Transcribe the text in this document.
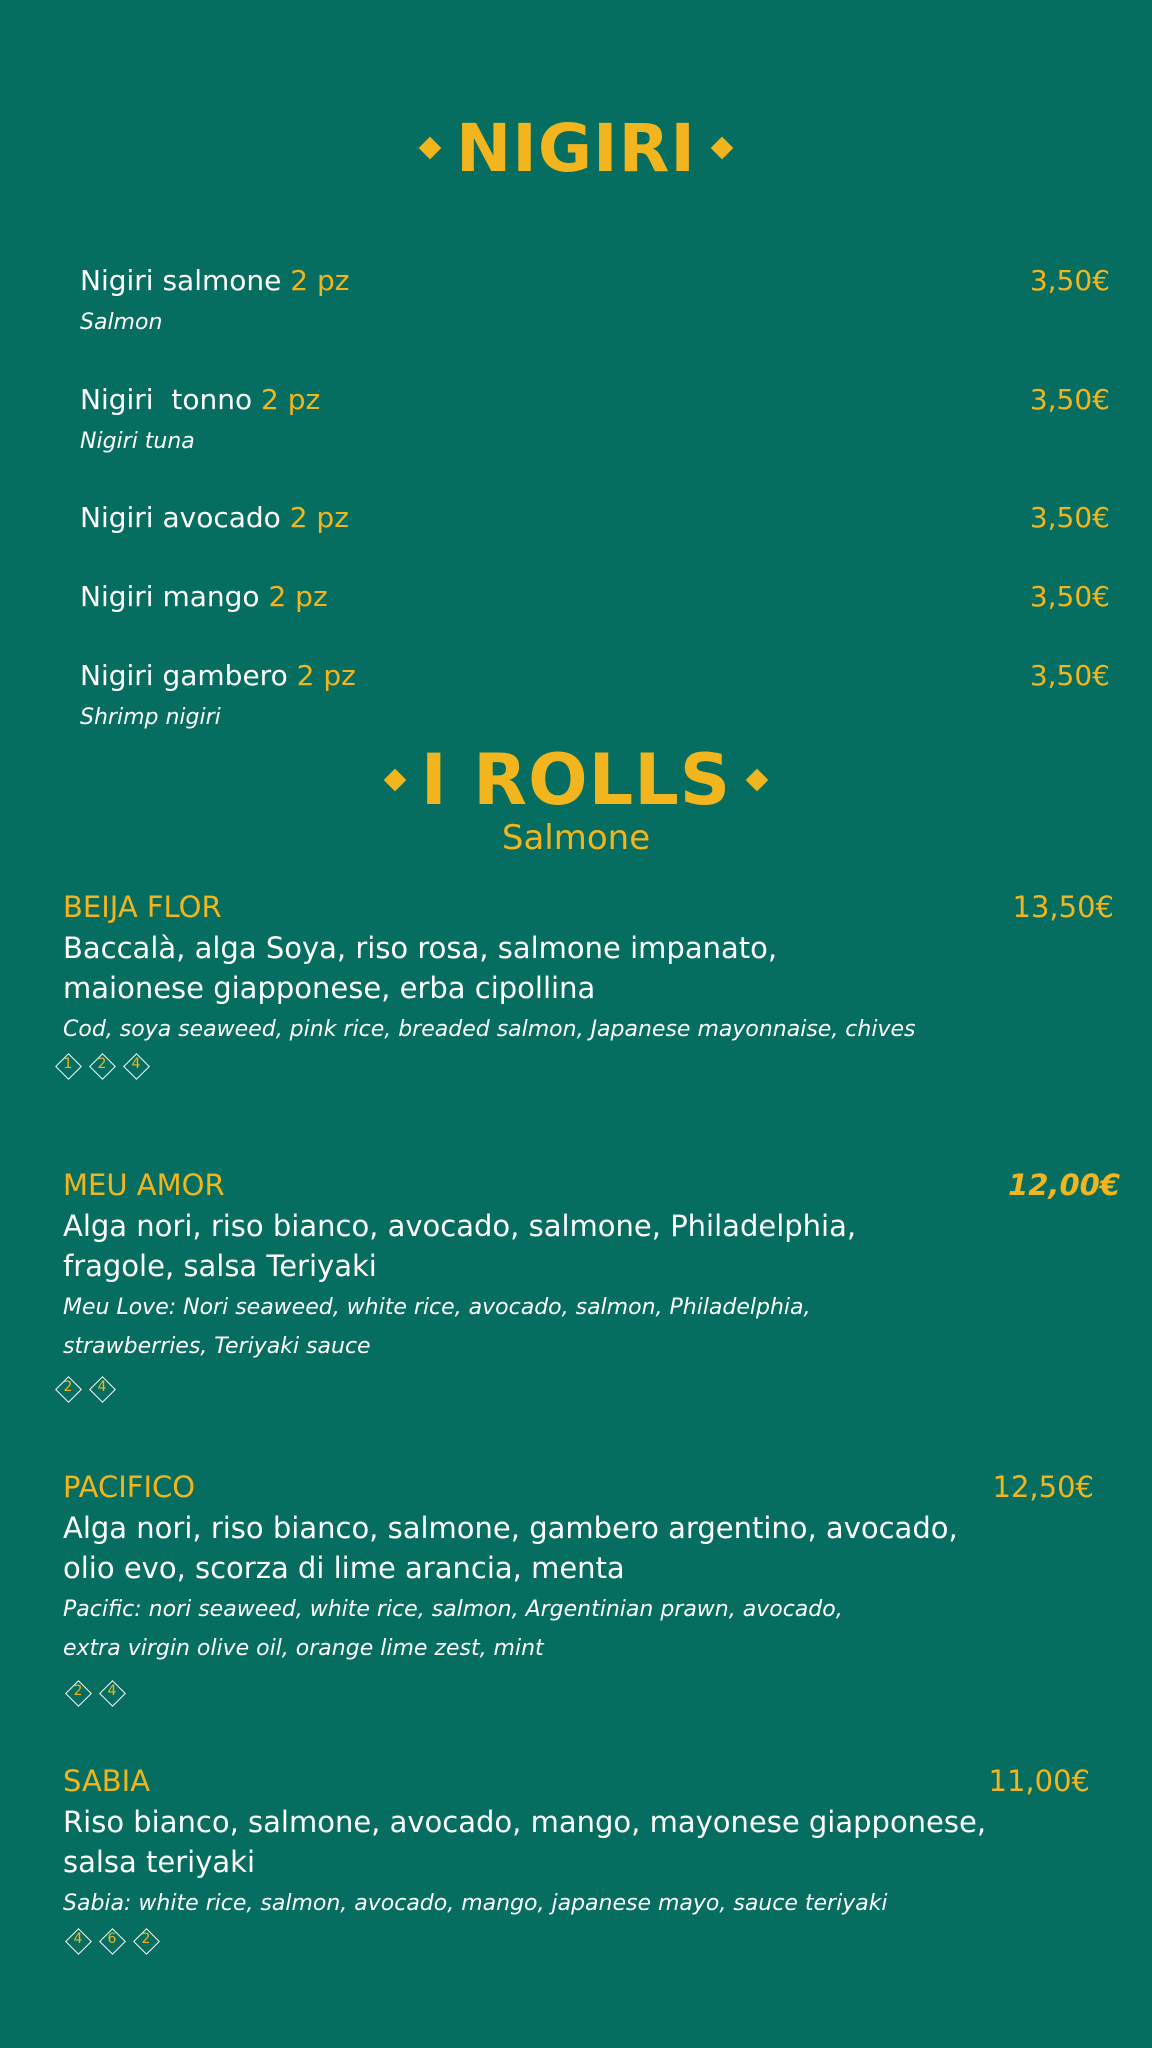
NIGIRI
Nigiri salmone 2 pz	3,50€
Salmon
Nigiri  tonno 2 pz	3,50€
Nigiri tuna
Nigiri avocado 2 pz	3,50€
Nigiri mango 2 pz	3,50€
Nigiri gambero 2 pz	3,50€
Shrimp nigiri
I ROLLS
Salmone
BEIJA FLOR	13,50€
Baccalà, alga Soya, riso rosa, salmone impanato,
maionese giapponese, erba cipollina
Cod, soya seaweed, pink rice, breaded salmon, Japanese mayonnaise, chives
1	2	4
MEU AMOR	12,00€
Alga nori, riso bianco, avocado, salmone, Philadelphia,
fragole, salsa Teriyaki
Meu Love: Nori seaweed, white rice, avocado, salmon, Philadelphia,
strawberries, Teriyaki sauce
2	4
PACIFICO	12,50€
Alga nori, riso bianco, salmone, gambero argentino, avocado,
olio evo, scorza di lime arancia, menta
Pacific: nori seaweed, white rice, salmon, Argentinian prawn, avocado,
extra virgin olive oil, orange lime zest, mint
2	4
SABIA	11,00€
Riso bianco, salmone, avocado, mango, mayonese giapponese,
salsa teriyaki
Sabia: white rice, salmon, avocado, mango, japanese mayo, sauce teriyaki
4	6	2
